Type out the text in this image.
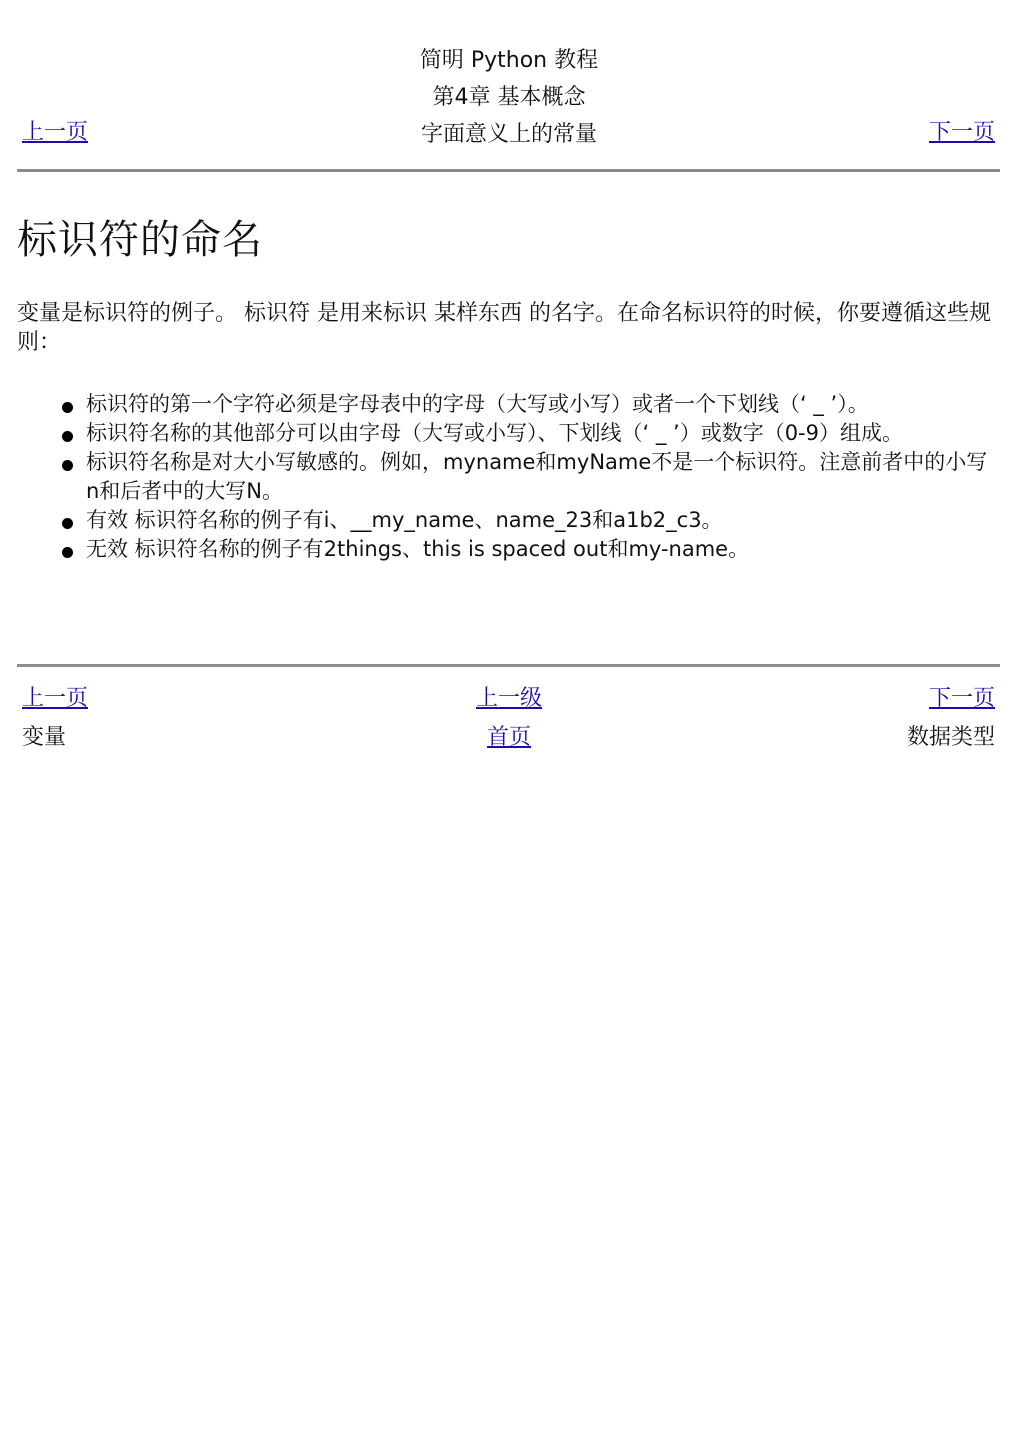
简明 Python 教程
第4章 基本概念
字面意义上的常量
上一页	下一页
标识符的命名

变量是标识符的例子。 标识符 是用来标识 某样东西 的名字。在命名标识符的时候，你要遵循这些规则：

标识符的第一个字符必须是字母表中的字母（大写或小写）或者一个下划线（‘ _ ’）。
标识符名称的其他部分可以由字母（大写或小写）、下划线（‘ _ ’）或数字（0-9）组成。
标识符名称是对大小写敏感的。例如，myname和myName不是一个标识符。注意前者中的小写n和后者中的大写N。
有效 标识符名称的例子有i、__my_name、name_23和a1b2_c3。
无效 标识符名称的例子有2things、this is spaced out和my-name。
上一页	上一级	下一页
变量	首页	数据类型
